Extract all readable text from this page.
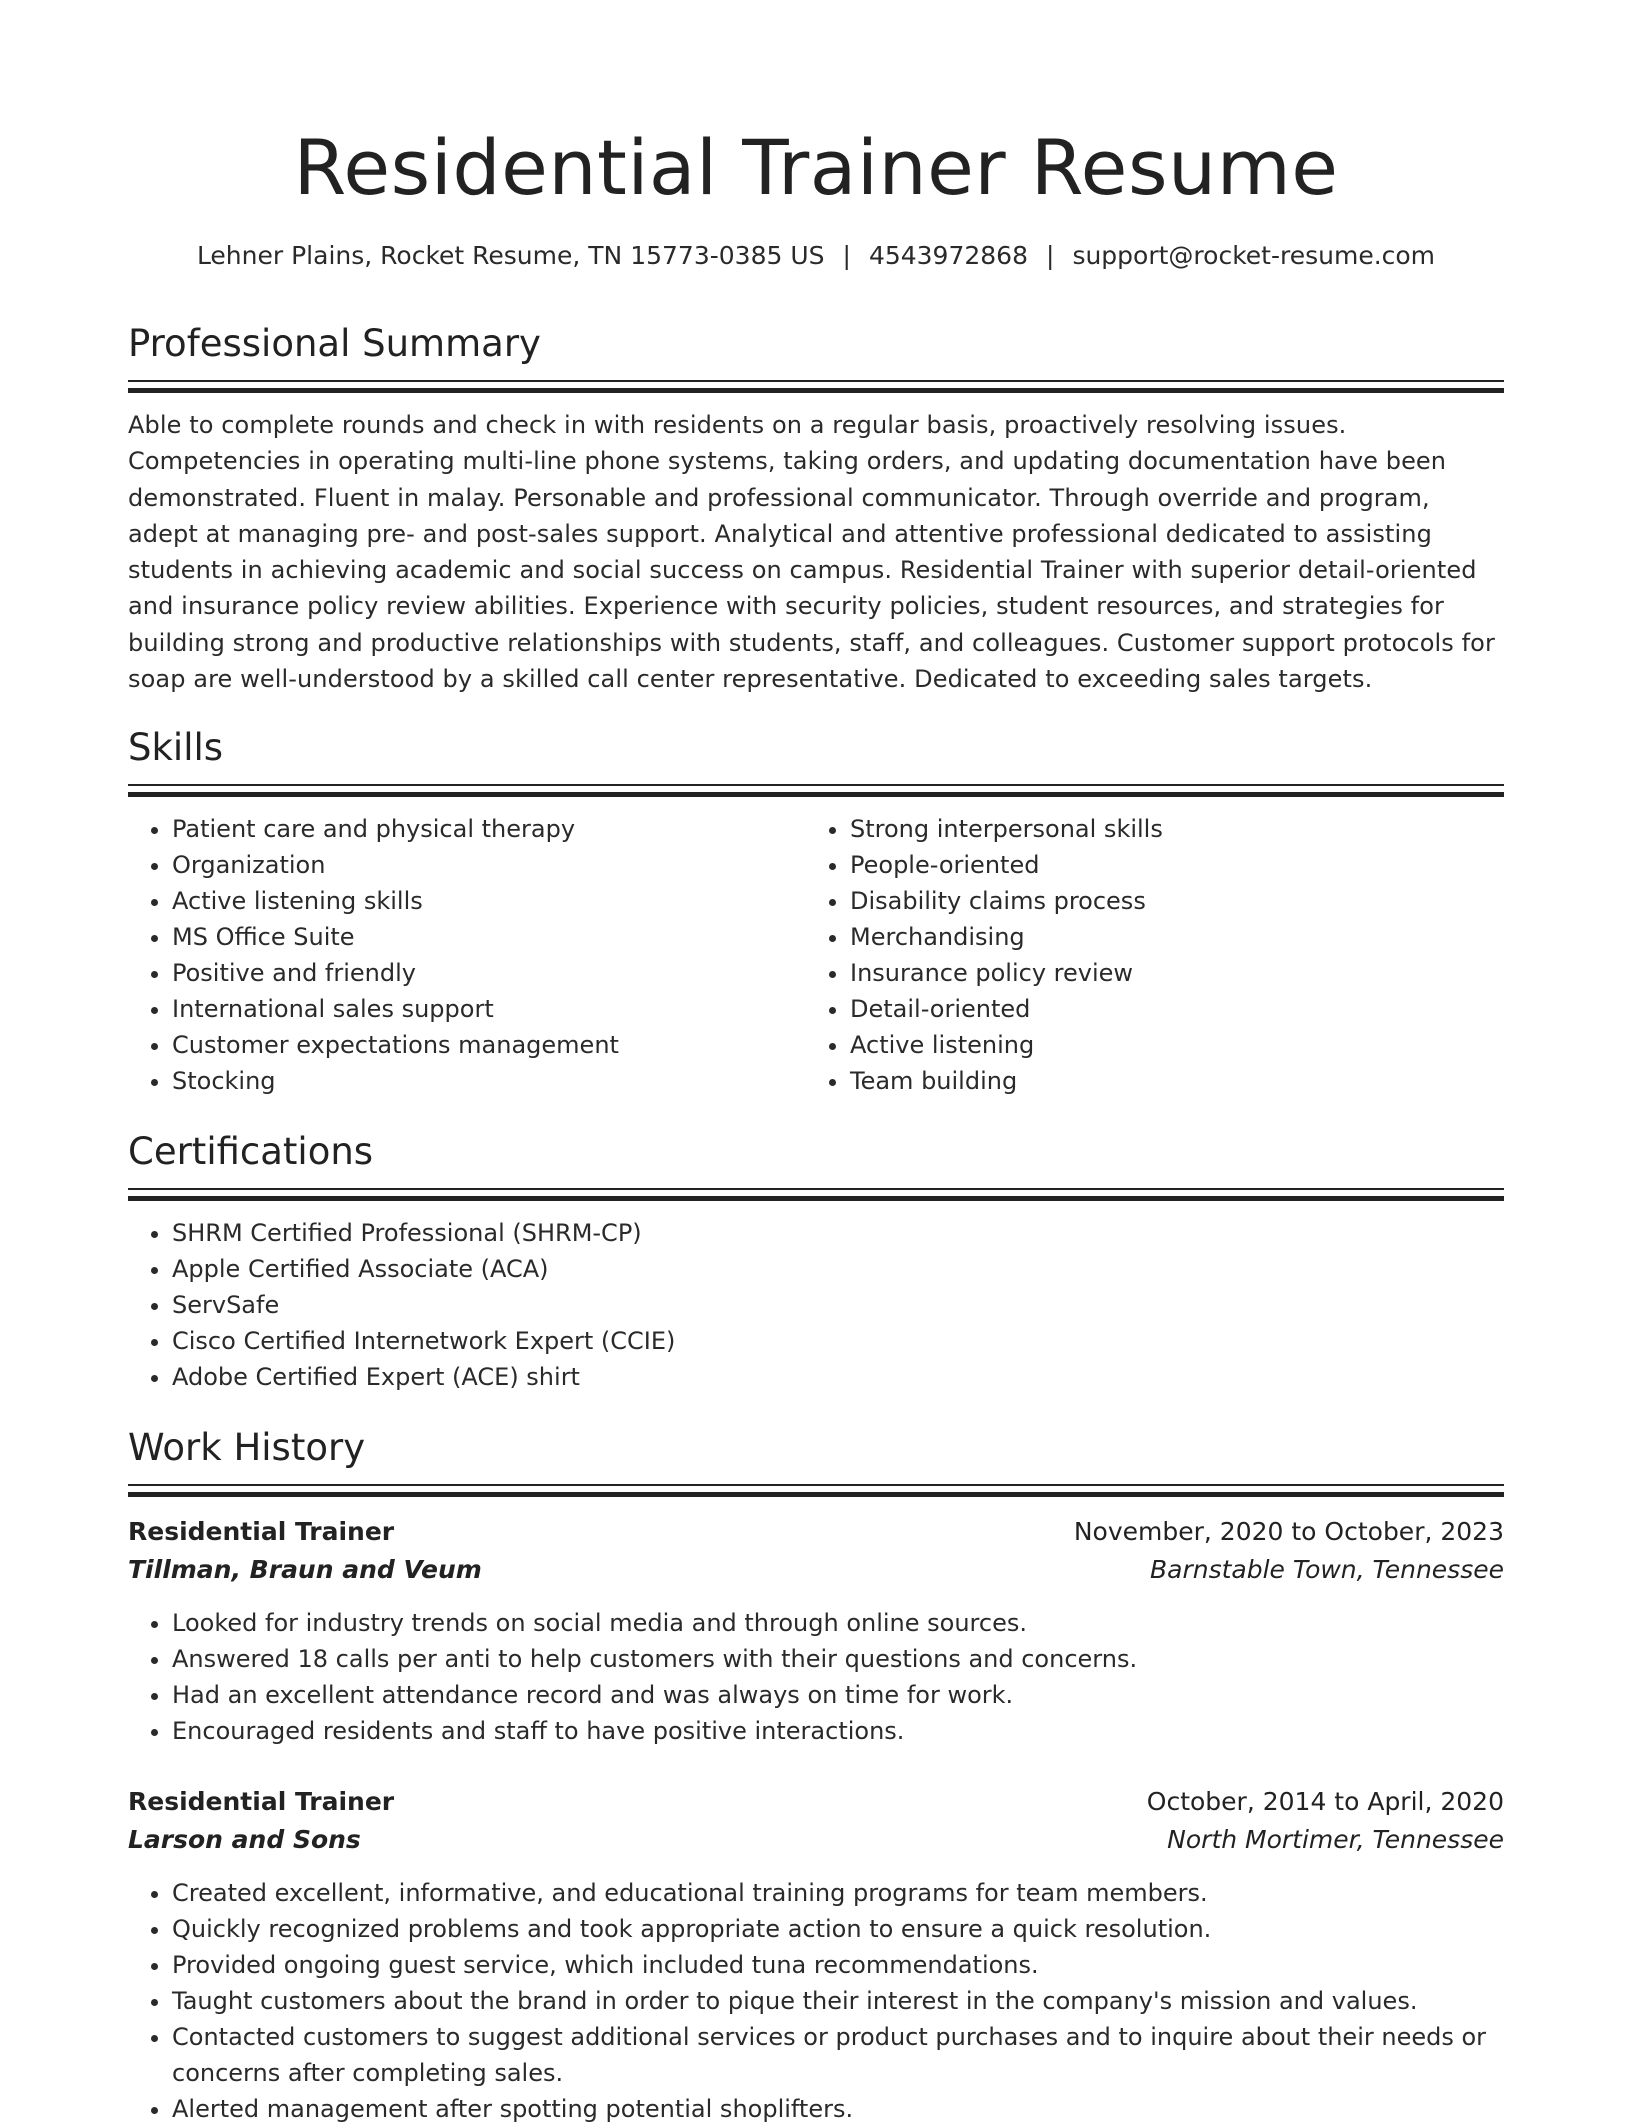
Residential Trainer Resume
Lehner Plains, Rocket Resume, TN 15773-0385 US | 4543972868 | support@rocket-resume.com
Professional Summary

Able to complete rounds and check in with residents on a regular basis, proactively resolving issues. Competencies in operating multi-line phone systems, taking orders, and updating documentation have been demonstrated. Fluent in malay. Personable and professional communicator. Through override and program, adept at managing pre- and post-sales support. Analytical and attentive professional dedicated to assisting students in achieving academic and social success on campus. Residential Trainer with superior detail-oriented and insurance policy review abilities. Experience with security policies, student resources, and strategies for building strong and productive relationships with students, staff, and colleagues. Customer support protocols for soap are well-understood by a skilled call center representative. Dedicated to exceeding sales targets.

Skills
• Patient care and physical therapy
• Organization
• Active listening skills
• MS Office Suite
• Positive and friendly
• International sales support
• Customer expectations management
• Stocking
• Strong interpersonal skills
• People-oriented
• Disability claims process
• Merchandising
• Insurance policy review
• Detail-oriented
• Active listening
• Team building
Certifications
• SHRM Certified Professional (SHRM-CP)
• Apple Certified Associate (ACA)
• ServSafe
• Cisco Certified Internetwork Expert (CCIE)
• Adobe Certified Expert (ACE) shirt
Work History
Residential Trainer	November, 2020 to October, 2023
Tillman, Braun and Veum	Barnstable Town, Tennessee
• Looked for industry trends on social media and through online sources.
• Answered 18 calls per anti to help customers with their questions and concerns.
• Had an excellent attendance record and was always on time for work.
• Encouraged residents and staff to have positive interactions.
Residential Trainer	October, 2014 to April, 2020
Larson and Sons	North Mortimer, Tennessee
• Created excellent, informative, and educational training programs for team members.
• Quickly recognized problems and took appropriate action to ensure a quick resolution.
• Provided ongoing guest service, which included tuna recommendations.
• Taught customers about the brand in order to pique their interest in the company's mission and values.
• Contacted customers to suggest additional services or product purchases and to inquire about their needs or concerns after completing sales.
• Alerted management after spotting potential shoplifters.
